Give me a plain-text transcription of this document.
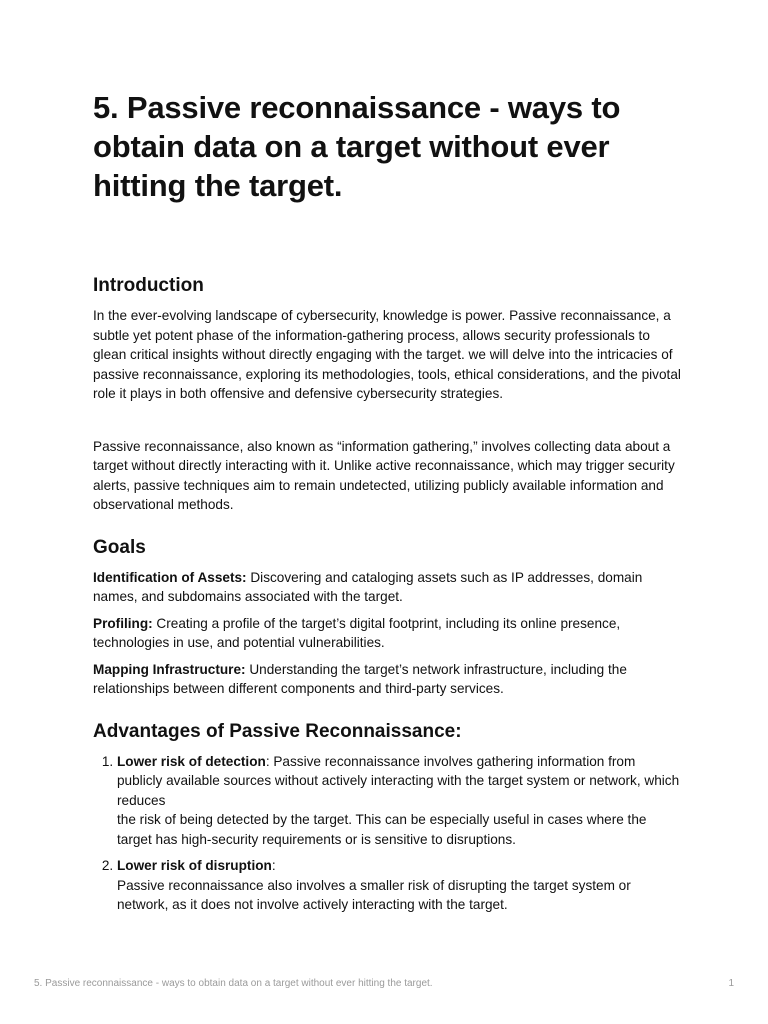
5. Passive reconnaissance - ways to obtain data on a target without ever hitting the target.
Introduction

In the ever-evolving landscape of cybersecurity, knowledge is power. Passive reconnaissance, a subtle yet potent phase of the information-gathering process, allows security professionals to glean critical insights without directly engaging with the target. we will delve into the intricacies of passive reconnaissance, exploring its methodologies, tools, ethical considerations, and the pivotal role it plays in both offensive and defensive cybersecurity strategies.

Passive reconnaissance, also known as “information gathering,” involves collecting data about a target without directly interacting with it. Unlike active reconnaissance, which may trigger security alerts, passive techniques aim to remain undetected, utilizing publicly available information and observational methods.

Goals

Identification of Assets: Discovering and cataloging assets such as IP addresses, domain names, and subdomains associated with the target.

Profiling: Creating a profile of the target’s digital footprint, including its online presence, technologies in use, and potential vulnerabilities.

Mapping Infrastructure: Understanding the target’s network infrastructure, including the relationships between different components and third-party services.

Advantages of Passive Reconnaissance:
1. Lower risk of detection: Passive reconnaissance involves gathering information from publicly available sources without actively interacting with the target system or network, which reduces
the risk of being detected by the target. This can be especially useful in cases where the target has high-security requirements or is sensitive to disruptions.
2. Lower risk of disruption:
Passive reconnaissance also involves a smaller risk of disrupting the target system or network, as it does not involve actively interacting with the target.
5. Passive reconnaissance - ways to obtain data on a target without ever hitting the target.	1
